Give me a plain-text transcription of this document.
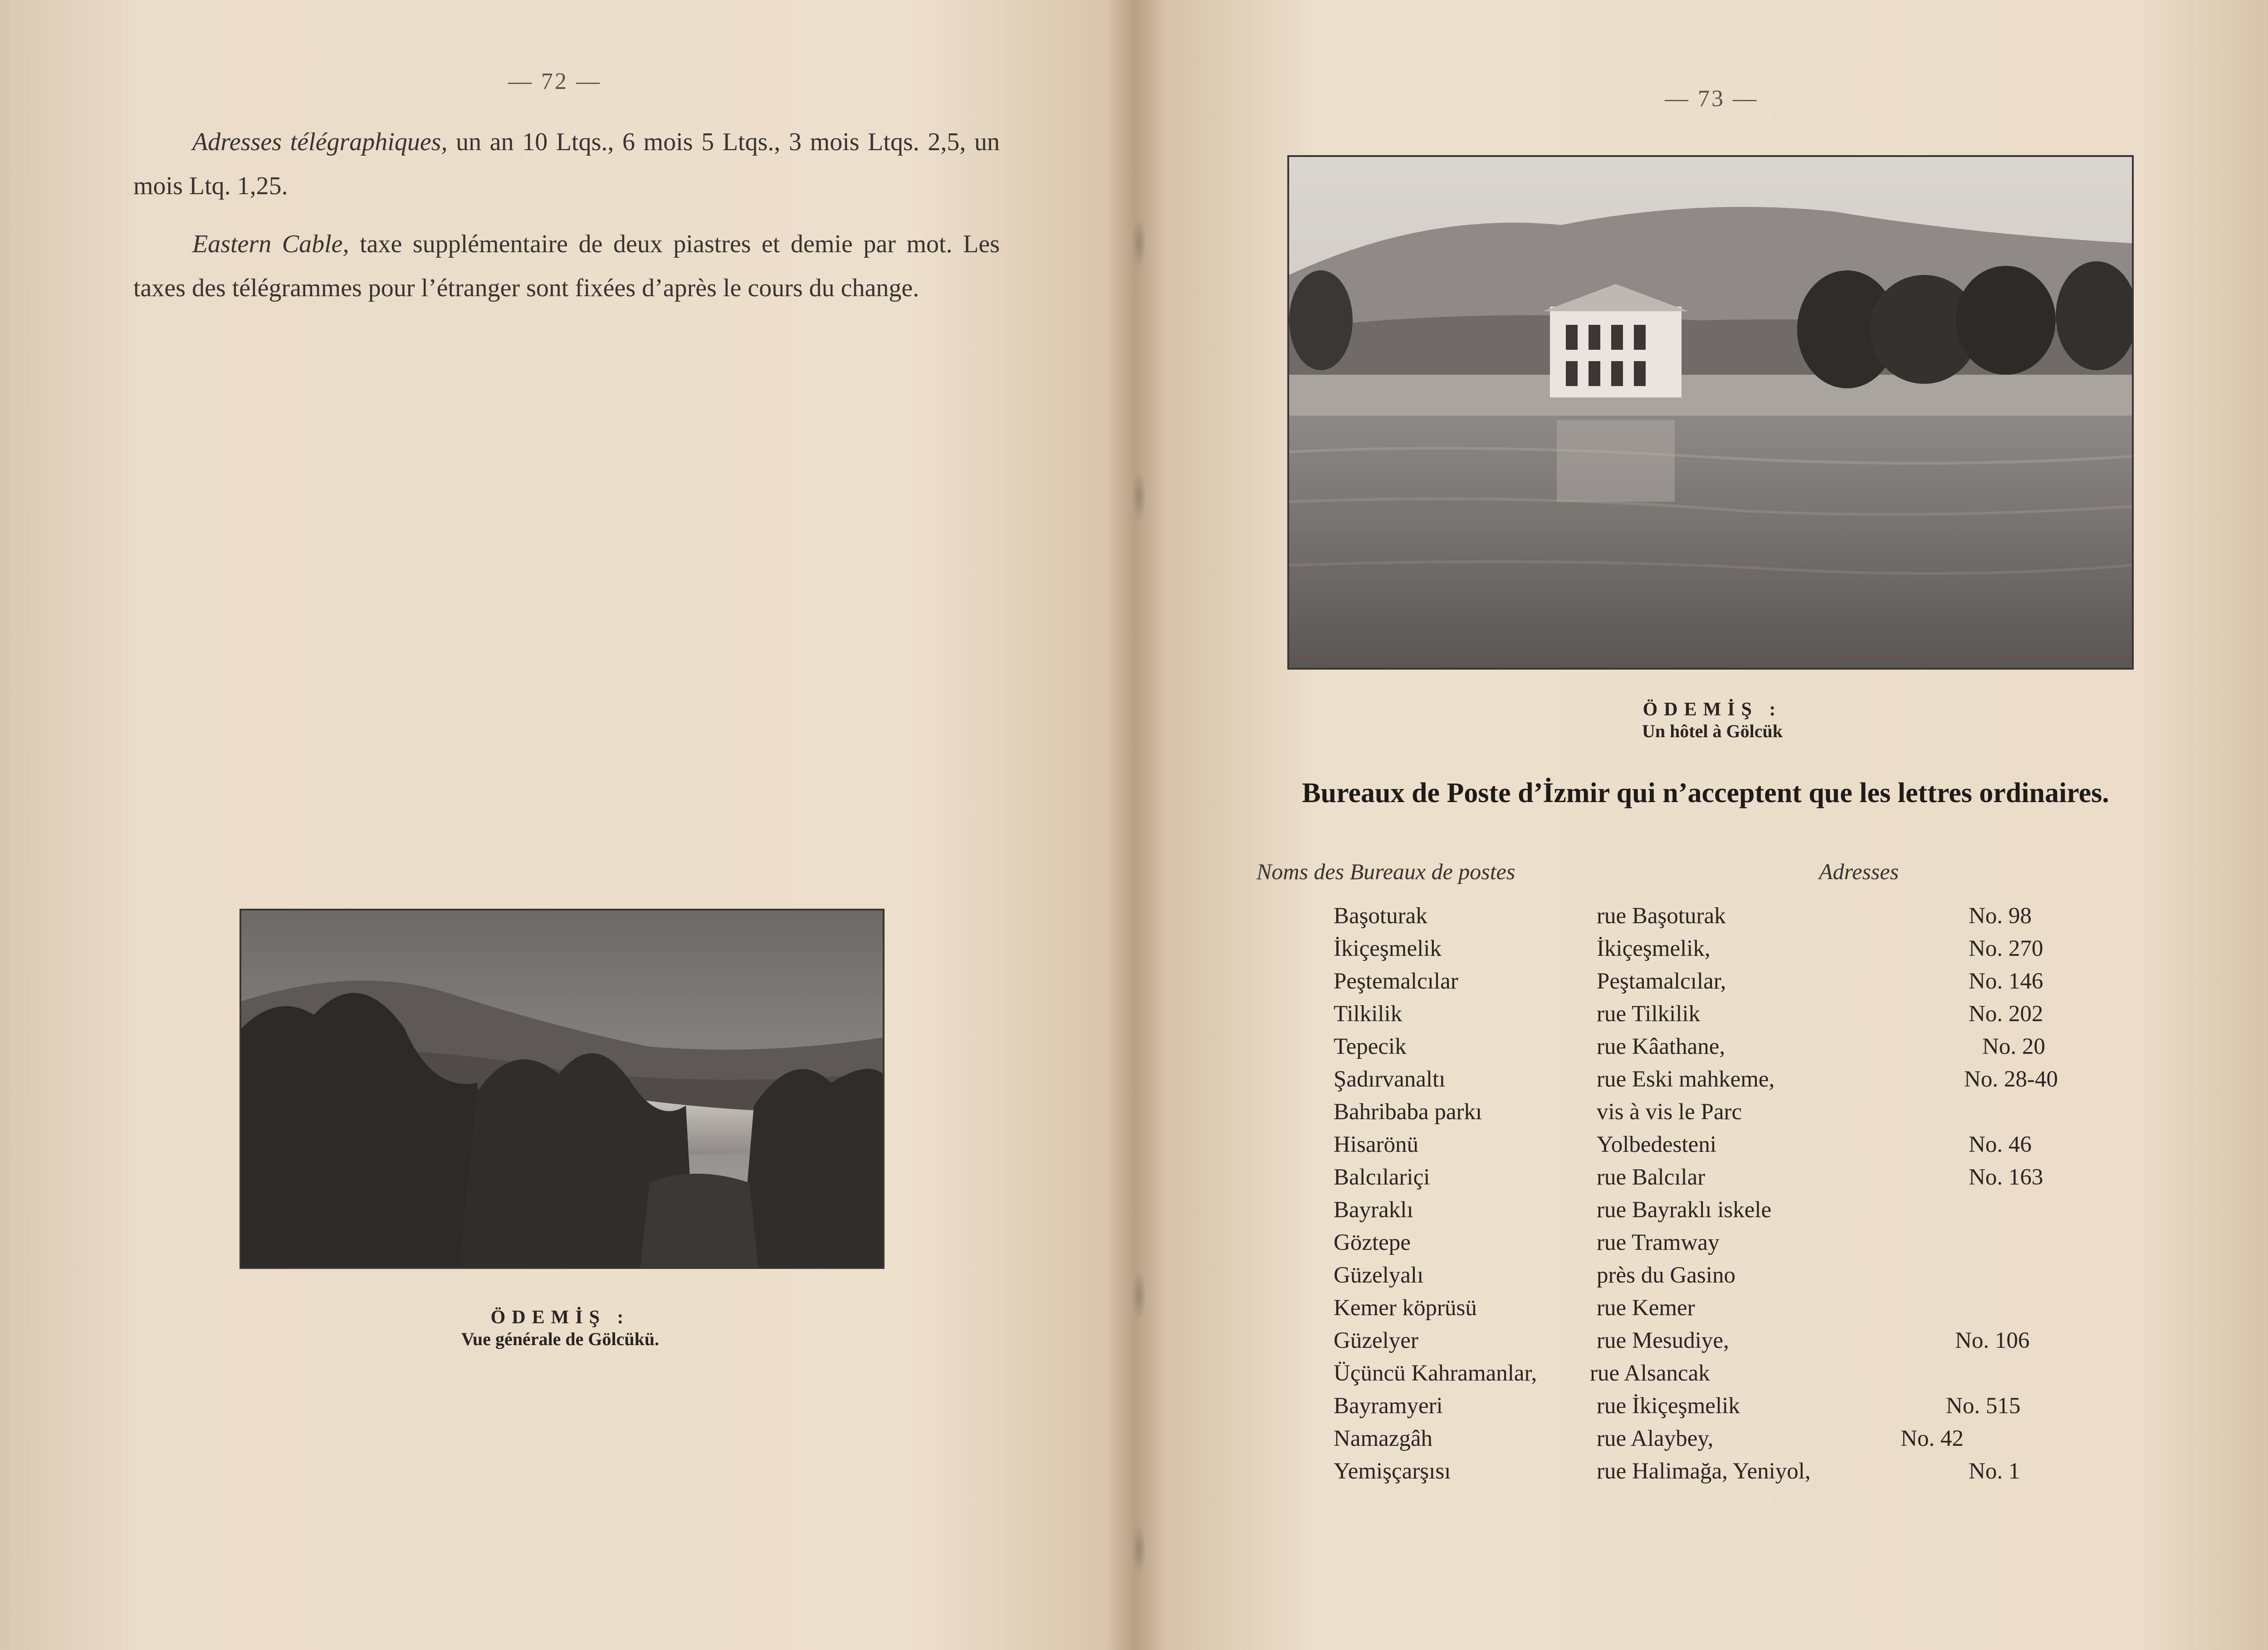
— 72 —
Adresses télégraphiques, un an 10 Ltqs., 6 mois 5 Ltqs., 3 mois Ltqs. 2,5, un mois Ltq. 1,25.
Eastern Cable, taxe supplémentaire de deux piastres et demie par mot. Les taxes des télégrammes pour l’étranger sont fixées d’après le cours du change.
ÖDEMİŞ :
Vue générale de Gölcükü.
— 73 —
ÖDEMİŞ :
Un hôtel à Gölcük
Bureaux de Poste d’İzmir qui n’acceptent que les lettres ordinaires.
Noms des Bureaux de postes	Adresses
Başoturak	rue Başoturak	No. 98
İkiçeşmelik	İkiçeşmelik,	No. 270
Peştemalcılar	Peştamalcılar,	No. 146
Tilkilik	rue Tilkilik	No. 202
Tepecik	rue Kâathane,	No. 20
Şadırvanaltı	rue Eski mahkeme,	No. 28-40
Bahribaba parkı	vis à vis le Parc
Hisarönü	Yolbedesteni	No. 46
Balcılariçi	rue Balcılar	No. 163
Bayraklı	rue Bayraklı iskele
Göztepe	rue Tramway
Güzelyalı	près du Gasino
Kemer köprüsü	rue Kemer
Güzelyer	rue Mesudiye,	No. 106
Üçüncü Kahramanlar, rue Alsancak
Bayramyeri	rue İkiçeşmelik	No. 515
Namazgâh	rue Alaybey,	No. 42
Yemişçarşısı	rue Halimağa, Yeniyol,	No. 1
